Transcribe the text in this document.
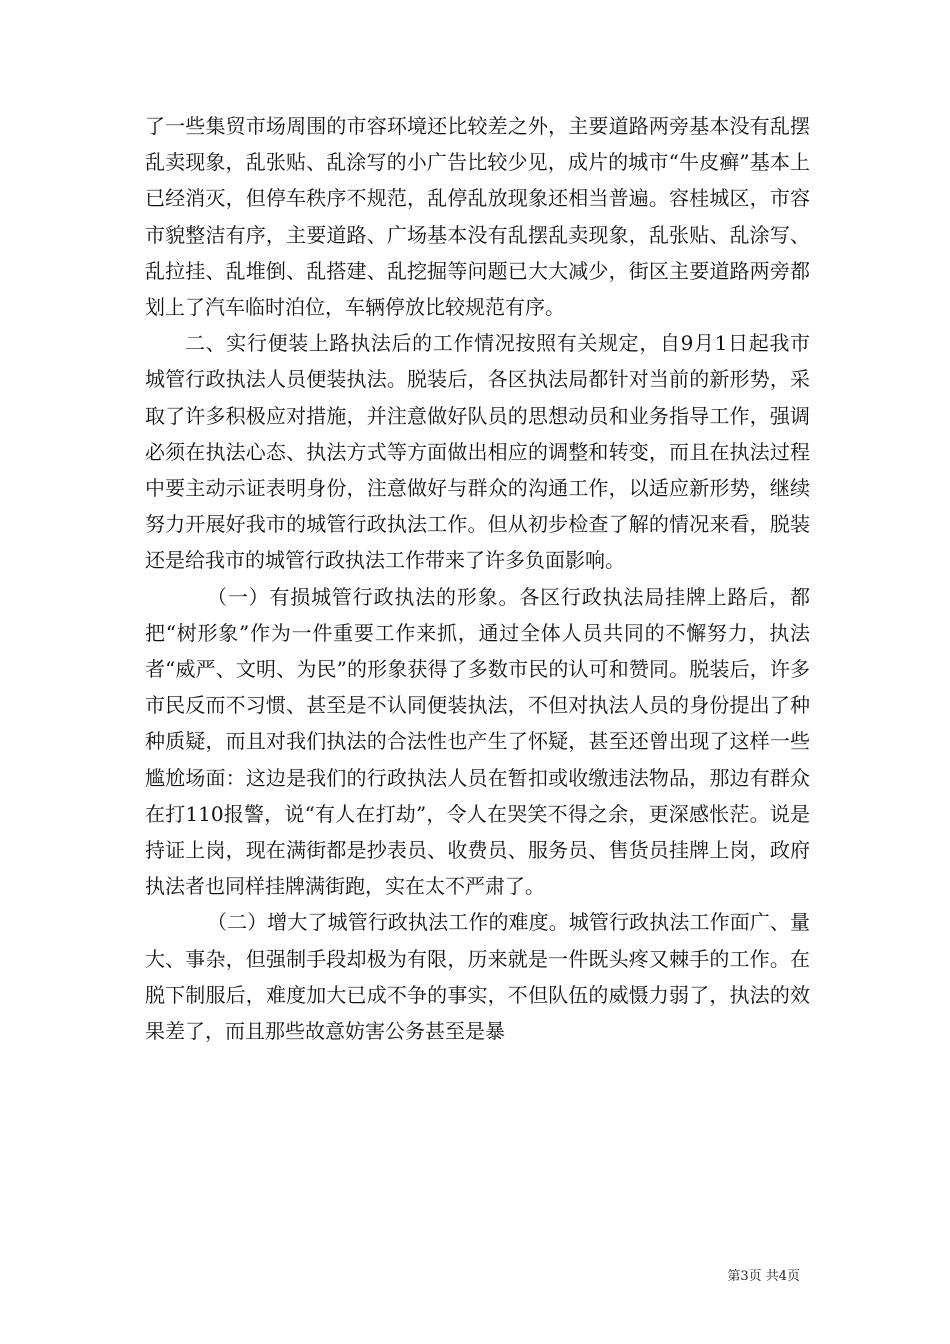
了一些集贸市场周围的市容环境还比较差之外，主要道路两旁基本没有乱摆乱卖现象，乱张贴、乱涂写的小广告比较少见，成片的城市“牛皮癣”基本上已经消灭，但停车秩序不规范，乱停乱放现象还相当普遍。容桂城区，市容市貌整洁有序，主要道路、广场基本没有乱摆乱卖现象，乱张贴、乱涂写、乱拉挂、乱堆倒、乱搭建、乱挖掘等问题已大大减少，街区主要道路两旁都划上了汽车临时泊位，车辆停放比较规范有序。

二、实行便装上路执法后的工作情况按照有关规定，自9月1日起我市城管行政执法人员便装执法。脱装后，各区执法局都针对当前的新形势，采取了许多积极应对措施，并注意做好队员的思想动员和业务指导工作，强调必须在执法心态、执法方式等方面做出相应的调整和转变，而且在执法过程中要主动示证表明身份，注意做好与群众的沟通工作，以适应新形势，继续努力开展好我市的城管行政执法工作。但从初步检查了解的情况来看，脱装还是给我市的城管行政执法工作带来了许多负面影响。

（一）有损城管行政执法的形象。各区行政执法局挂牌上路后，都把“树形象”作为一件重要工作来抓，通过全体人员共同的不懈努力，执法者“威严、文明、为民”的形象获得了多数市民的认可和赞同。脱装后，许多市民反而不习惯、甚至是不认同便装执法，不但对执法人员的身份提出了种种质疑，而且对我们执法的合法性也产生了怀疑，甚至还曾出现了这样一些尴尬场面：这边是我们的行政执法人员在暂扣或收缴违法物品，那边有群众在打110报警，说“有人在打劫”，令人在哭笑不得之余，更深感怅茫。说是持证上岗，现在满街都是抄表员、收费员、服务员、售货员挂牌上岗，政府执法者也同样挂牌满街跑，实在太不严肃了。

（二）增大了城管行政执法工作的难度。城管行政执法工作面广、量大、事杂，但强制手段却极为有限，历来就是一件既头疼又棘手的工作。在脱下制服后，难度加大已成不争的事实，不但队伍的威慑力弱了，执法的效果差了，而且那些故意妨害公务甚至是暴

第3页 共4页
